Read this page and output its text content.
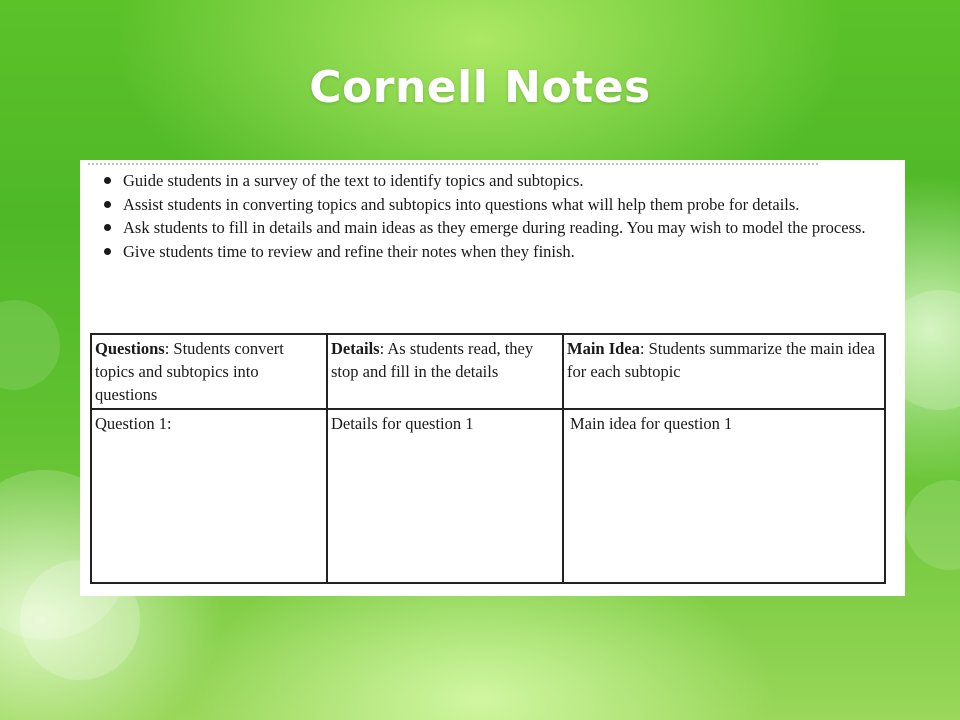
Cornell Notes
Guide students in a survey of the text to identify topics and subtopics.
Assist students in converting topics and subtopics into questions what will help them probe for details.
Ask students to fill in details and main ideas as they emerge during reading. You may wish to model the process.
Give students time to review and refine their notes when they finish.
Questions: Students convert topics and subtopics into questions	Details: As students read, they stop and fill in the details	Main Idea: Students summarize the main idea for each subtopic
Question 1:	Details for question 1	Main idea for question 1
